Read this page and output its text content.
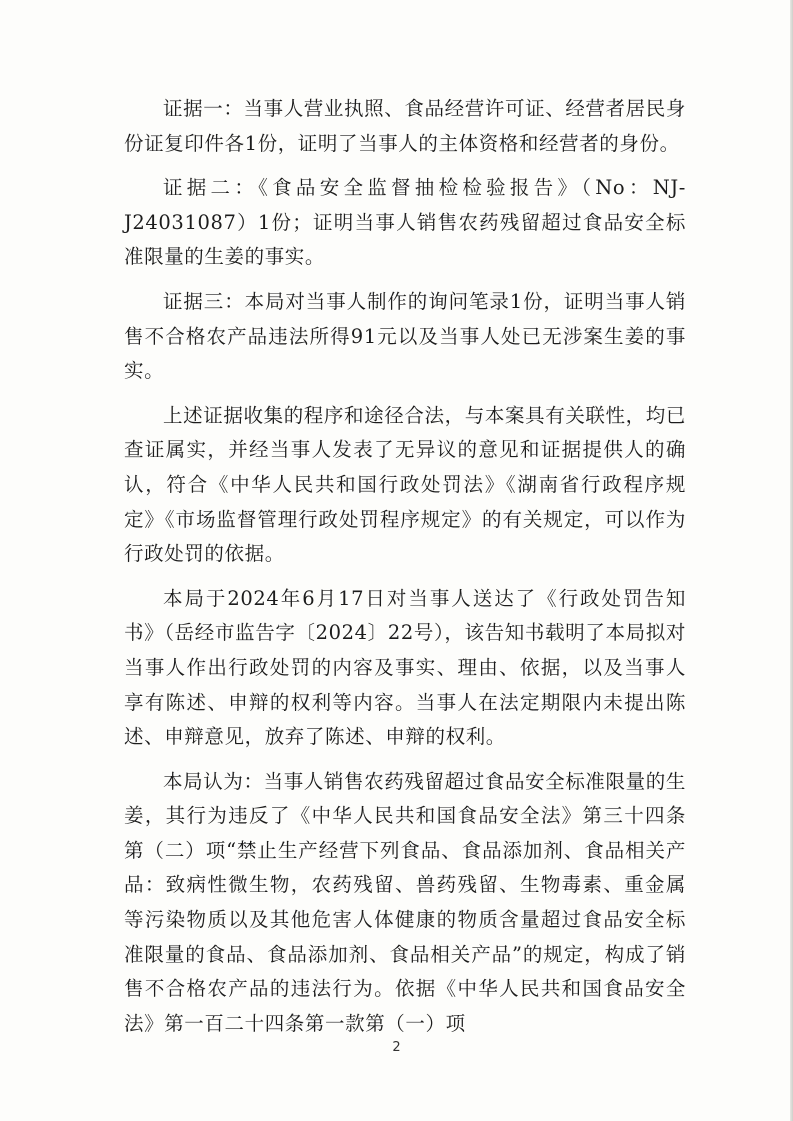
证据一：当事人营业执照、食品经营许可证、经营者居民身份证复印件各1份，证明了当事人的主体资格和经营者的身份。

证据二：《食品安全监督抽检检验报告》（No：NJ-J24031087）1份；证明当事人销售农药残留超过食品安全标准限量的生姜的事实。

证据三：本局对当事人制作的询问笔录1份，证明当事人销售不合格农产品违法所得91元以及当事人处已无涉案生姜的事实。

上述证据收集的程序和途径合法，与本案具有关联性，均已查证属实，并经当事人发表了无异议的意见和证据提供人的确认，符合《中华人民共和国行政处罚法》《湖南省行政程序规定》《市场监督管理行政处罚程序规定》的有关规定，可以作为行政处罚的依据。

本局于2024年6月17日对当事人送达了《行政处罚告知书》（岳经市监告字〔2024〕22号），该告知书载明了本局拟对当事人作出行政处罚的内容及事实、理由、依据，以及当事人享有陈述、申辩的权利等内容。当事人在法定期限内未提出陈述、申辩意见，放弃了陈述、申辩的权利。

本局认为：当事人销售农药残留超过食品安全标准限量的生姜，其行为违反了《中华人民共和国食品安全法》第三十四条第（二）项“禁止生产经营下列食品、食品添加剂、食品相关产品：致病性微生物，农药残留、兽药残留、生物毒素、重金属等污染物质以及其他危害人体健康的物质含量超过食品安全标准限量的食品、食品添加剂、食品相关产品”的规定，构成了销售不合格农产品的违法行为。依据《中华人民共和国食品安全法》第一百二十四条第一款第（一）项

2
